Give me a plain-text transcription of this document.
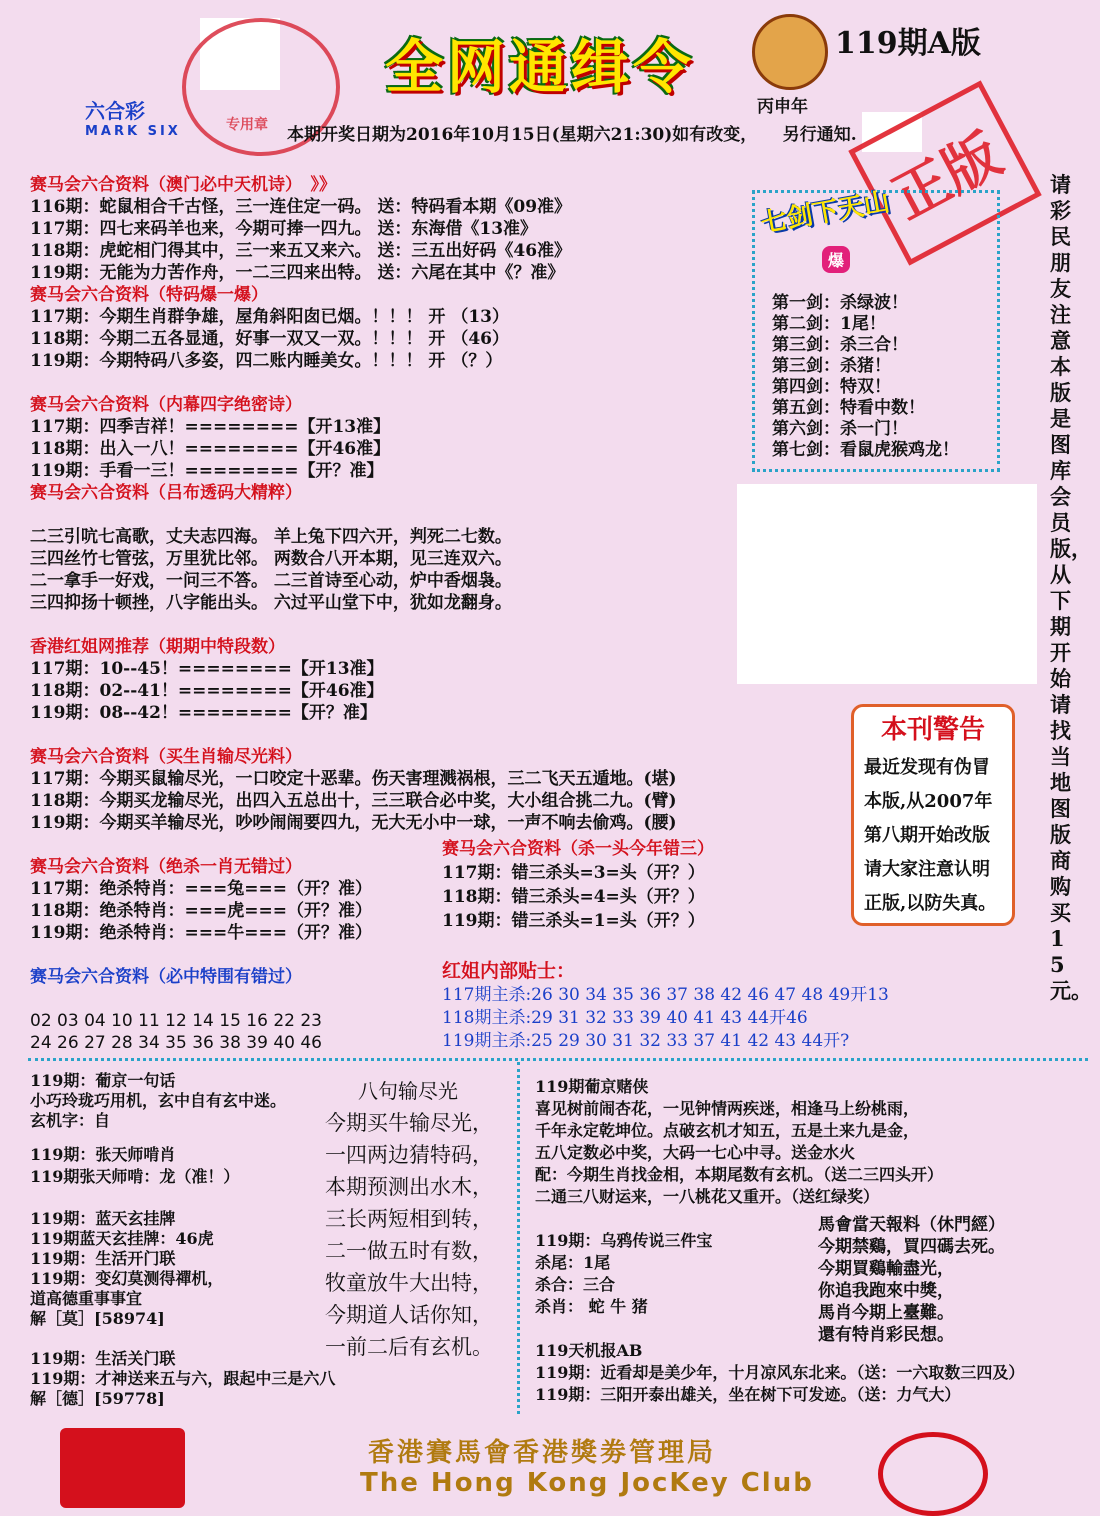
专用章
六合彩
MARK SIX
全网通缉令	119期A版
丙申年
本期开奖日期为2016年10月15日(星期六21:30)如有改变，　　另行通知. 正版	请彩民朋友注意本版是图库会员版，从下期开始请找当地图版商购买15元。
赛马会六合资料（澳门必中天机诗）　》》
116期：蛇鼠相合千古怪，三一连住定一码。 送：特码看本期《09准》
117期：四七来码羊也来，今期可捧一四九。 送：东海借《13准》
118期：虎蛇相门得其中，三一来五又来六。 送：三五出好码《46准》
119期：无能为力苦作舟，一二三四来出特。 送：六尾在其中《？准》
赛马会六合资料（特码爆一爆）
117期：今期生肖群争雄，屋角斜阳囱已烟。！！！ 开 （13）
118期：今期二五各显通，好事一双又一双。！！！ 开 （46）
119期：今期特码八多姿，四二账内睡美女。！！！ 开 （？）
赛马会六合资料（内幕四字绝密诗）
117期：四季吉祥！========【开13准】
118期：出入一八！========【开46准】
119期：手看一三！========【开？准】
赛马会六合资料（吕布透码大精粹）
二三引吭七高歌，丈夫志四海。 羊上兔下四六开，判死二七数。
三四丝竹七管弦，万里犹比邻。 两数合八开本期，见三连双六。
二一拿手一好戏，一问三不答。 二三首诗至心动，炉中香烟袅。
三四抑扬十顿挫，八字能出头。 六过平山堂下中，犹如龙翻身。
香港红姐网推荐（期期中特段数）
117期：10--45！========【开13准】
118期：02--41！========【开46准】
119期：08--42！========【开？准】
赛马会六合资料（买生肖输尽光料）
117期：今期买鼠输尽光，一口咬定十恶辈。伤天害理溅祸根，三二飞天五遁地。(堪)
118期：今期买龙输尽光，出四入五总出十，三三联合必中奖，大小组合挑二九。(臂)
119期：今期买羊输尽光，吵吵闹闹要四九，无大无小中一球，一声不响去偷鸡。(腰)
赛马会六合资料（绝杀一肖无错过）
117期：绝杀特肖：===兔===（开？准）
118期：绝杀特肖：===虎===（开？准）
119期：绝杀特肖：===牛===（开？准）
赛马会六合资料（杀一头今年错三）
117期：错三杀头=3=头（开？）
118期：错三杀头=4=头（开？）
119期：错三杀头=1=头（开？）
赛马会六合资料（必中特围有错过）
02 03 04 10 11 12 14 15 16 22 23
24 26 27 28 34 35 36 38 39 40 46
红姐内部贴士：
117期主杀:26 30 34 35 36 37 38 42 46 47 48 49开13
118期主杀:29 31 32 33 39 40 41 43 44开46
119期主杀:25 29 30 31 32 33 37 41 42 43 44开?
七剑下天山
爆
第一剑：杀绿波！
第二剑：1尾！
第三剑：杀三合！
第三剑：杀猪！
第四剑：特双！
第五剑：特看中数！
第六剑：杀一门！
第七剑：看鼠虎猴鸡龙！
本刊警告
最近发现有伪冒
本版,从2007年
第八期开始改版
请大家注意认明
正版,以防失真。
119期：葡京一句话
小巧玲珑巧用机，玄中自有玄中迷。
玄机字：自
119期：张天师啃肖
119期张天师啃：龙（准！）
119期：蓝天玄挂牌
119期蓝天玄挂牌：46虎
119期：生活开门联
119期：变幻莫测得禪机，
道高德重事事宜
解［莫］[58974]
119期：生活关门联
119期：才神送来五与六，跟起中三是六八
解［德］[59778]
八句输尽光
今期买牛输尽光，
一四两边猜特码，
本期预测出水木，
三长两短相到转，
二一做五时有数，
牧童放牛大出特，
今期道人话你知，
一前二后有玄机。
119期葡京赌侠
喜见树前闹杏花，一见钟情两疾迷，相逢马上纷桃雨，
千年永定乾坤位。点破玄机才知五，五是土来九是金，
五八定数必中奖，大码一七心中寻。送金水火
配：今期生肖找金相，本期尾数有玄机。（送二三四头开）
二通三八财运来，一八桃花又重开。（送红绿奖）
119期：乌鸦传说三件宝
杀尾：1尾
杀合：三合
杀肖： 蛇 牛 猪
119天机报AB
119期：近看却是美少年，十月凉风东北来。（送：一六取数三四及）
119期：三阳开泰出雄关，坐在树下可发迹。（送：力气大）
馬會當天報料（休門經）
今期禁鷄，買四碼去死。
今期買鷄輸盡光，
你追我跑來中獎，
馬肖今期上臺難。
還有特肖彩民想。
香港賽馬會香港獎劵管理局
The Hong Kong JocKey Club
